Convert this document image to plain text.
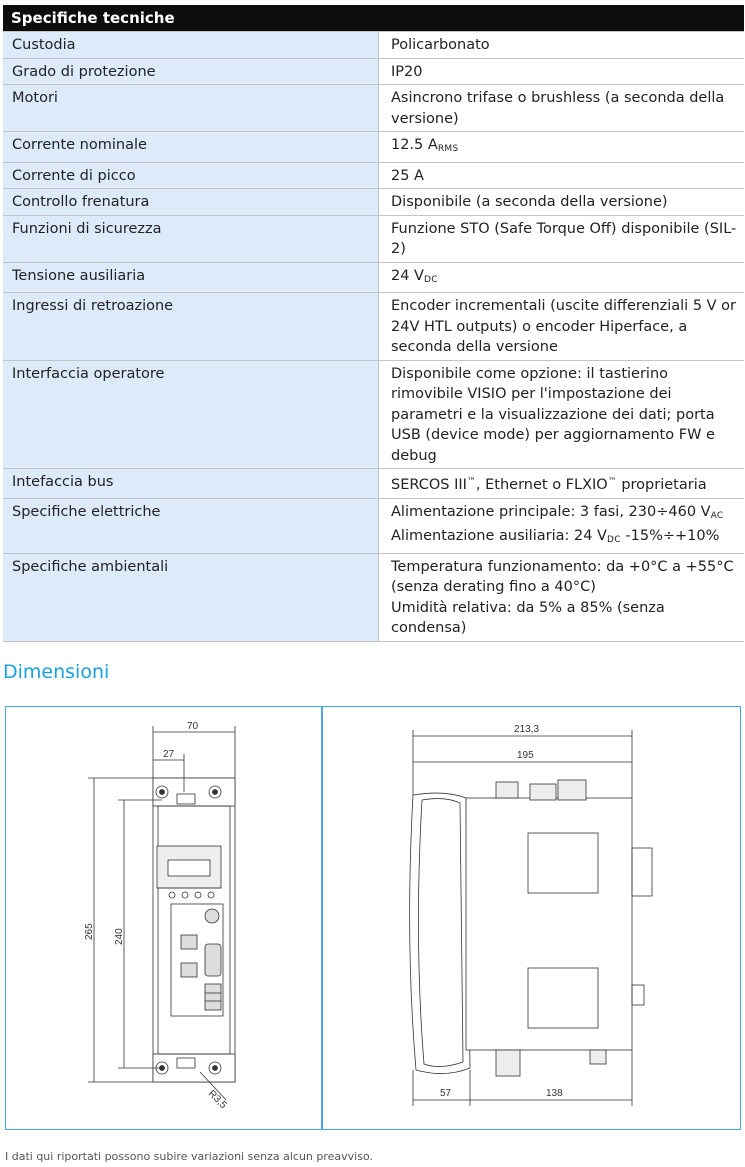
Specifiche tecniche	
Custodia	Policarbonato
Grado di protezione	IP20
Motori	Asincrono trifase o brushless (a seconda della versione)
Corrente nominale	12.5 $A_{RMS}$
Corrente di picco	25 A
Controllo frenatura	Disponibile (a seconda della versione)
Funzioni di sicurezza	Funzione STO (Safe Torque Off) disponibile (SIL-2)
Tensione ausiliaria	24 $V_{DC}$
Ingressi di retroazione	Encoder incrementali (uscite differenziali 5 V or 24V HTL outputs) o encoder Hiperface, a seconda della versione
Interfaccia operatore	Disponibile come opzione: il tastierino rimovibile VISIO per l'impostazione dei parametri e la visualizzazione dei dati; porta USB (device mode) per aggiornamento FW e debug
Intefaccia bus	SERCOS III™, Ethernet o FLXIO™ proprietaria
Specifiche elettriche	Alimentazione principale: 3 fasi, 230÷460 $V_{AC}$
Alimentazione ausiliaria: 24 $V_{DC}$ -15%÷+10%

Specifiche ambientali	Temperatura funzionamento: da +0°C a +55°C (senza derating fino a 40°C)
Umidità relativa: da 5% a 85% (senza condensa)
Dimensioni
70
27
265 240
R3,5
213,3
195
57	138
I dati qui riportati possono subire variazioni senza alcun preavviso.
